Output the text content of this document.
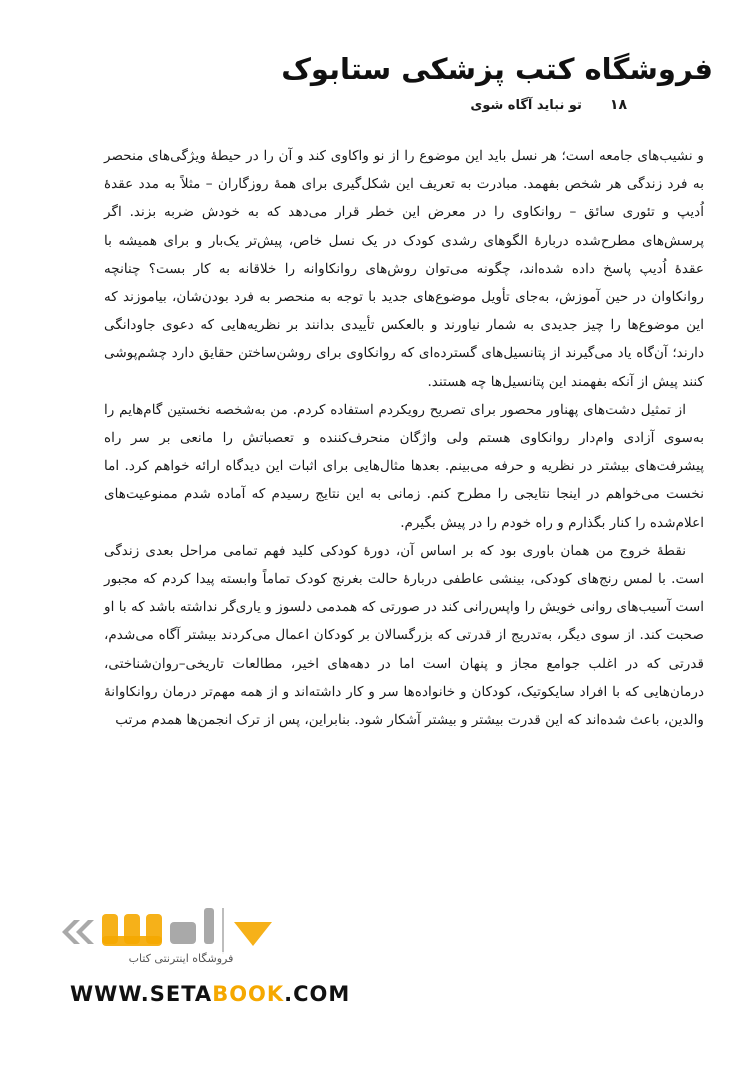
فروشگاه کتب پزشکی ستابوک
۱۸
تو نباید آگاه شوی

و نشیب‌های جامعه است؛ هر نسل باید این موضوع را از نو واکاوی کند و آن را در حیطهٔ ویژگی‌های منحصر به فرد زندگی هر شخص بفهمد. مبادرت به تعریف این شکل‌گیری برای همهٔ روزگاران – مثلاً به مدد عقدهٔ اُدیپ و تئوری سائق – روانکاوی را در معرض این خطر قرار می‌دهد که به خودش ضربه بزند. اگر پرسش‌های مطرح‌شده دربارهٔ الگوهای رشدی کودک در یک نسل خاص، پیش‌تر یک‌بار و برای همیشه با عقدهٔ اُدیپ پاسخ داده شده‌اند، چگونه می‌توان روش‌های روانکاوانه را خلاقانه به کار بست؟ چنانچه روانکاوان در حین آموزش، به‌جای تأویل موضوع‌های جدید با توجه به منحصر به فرد بودن‌شان، بیاموزند که این موضوع‌ها را چیز جدیدی به شمار نیاورند و بالعکس تأییدی بدانند بر نظریه‌هایی که دعوی جاودانگی دارند؛ آن‌گاه یاد می‌گیرند از پتانسیل‌های گسترده‌ای که روانکاوی برای روشن‌ساختن حقایق دارد چشم‌پوشی کنند پیش از آنکه بفهمند این پتانسیل‌ها چه هستند.

از تمثیل دشت‌های پهناور محصور برای تصریح رویکردم استفاده کردم. من به‌شخصه نخستین گام‌هایم را به‌سوی آزادی وام‌دار روانکاوی هستم ولی واژگان منحرف‌کننده و تعصباتش را مانعی بر سر راه پیشرفت‌های بیشتر در نظریه و حرفه می‌بینم. بعدها مثال‌هایی برای اثبات این دیدگاه ارائه خواهم کرد. اما نخست می‌خواهم در اینجا نتایجی را مطرح کنم. زمانی به این نتایج رسیدم که آماده شدم ممنوعیت‌های اعلام‌شده را کنار بگذارم و راه خودم را در پیش بگیرم.

نقطهٔ خروج من همان باوری بود که بر اساس آن، دورهٔ کودکی کلید فهم تمامی مراحل بعدی زندگی است. با لمس رنج‌های کودکی، بینشی عاطفی دربارهٔ حالت بغرنج کودک تماماً وابسته پیدا کردم که مجبور است آسیب‌های روانی خویش را واپس‌رانی کند در صورتی که همدمی دلسوز و یاری‌گر نداشته باشد که با او صحبت کند. از سوی دیگر، به‌تدریج از قدرتی که بزرگسالان بر کودکان اعمال می‌کردند بیشتر آگاه می‌شدم، قدرتی که در اغلب جوامع مجاز و پنهان است اما در دهه‌های اخیر، مطالعات تاریخی–روان‌شناختی، درمان‌هایی که با افراد سایکوتیک، کودکان و خانواده‌ها سر و کار داشته‌اند و از همه مهم‌تر درمان روانکاوانهٔ والدین، باعث شده‌اند که این قدرت بیشتر و بیشتر آشکار شود. بنابراین، پس از ترک انجمن‌ها همدم مرتب

فروشگاه اینترنتی کتاب
WWW.SETABOOK.COM
